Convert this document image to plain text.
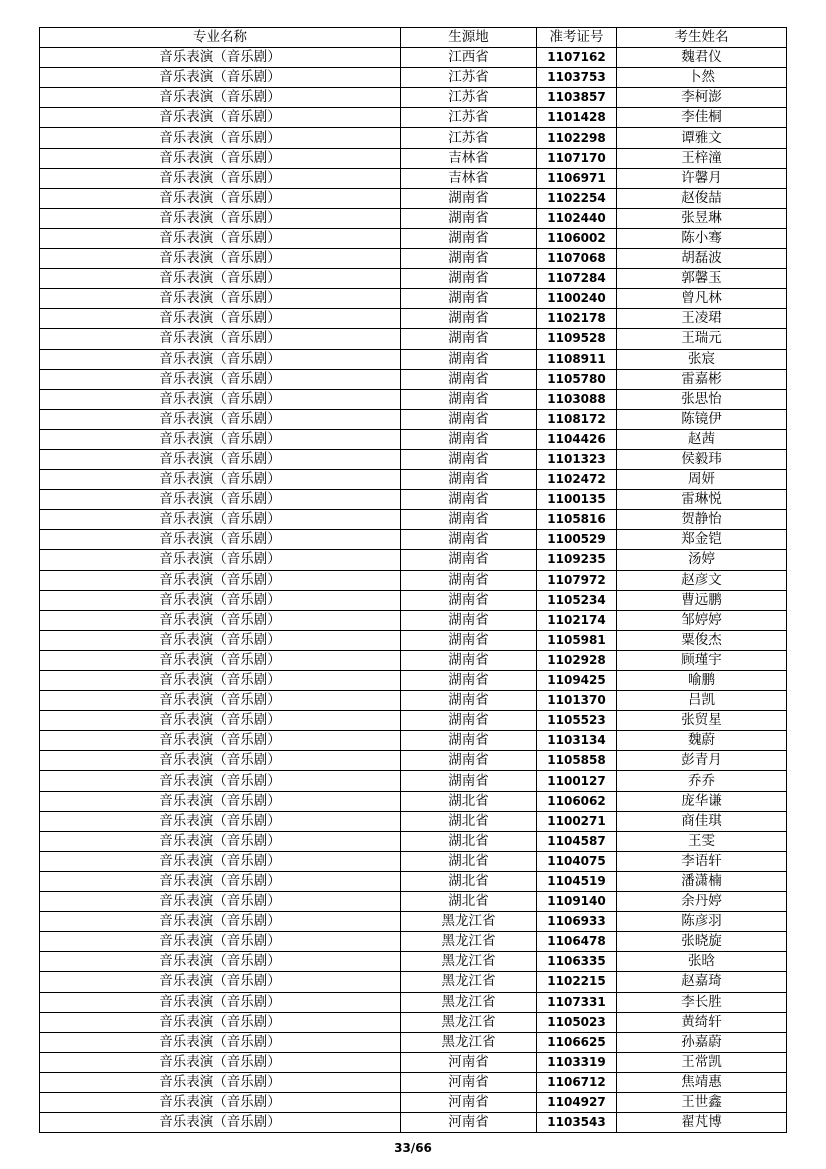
专业名称	生源地	准考证号	考生姓名
音乐表演（音乐剧）	江西省	1107162	魏君仪
音乐表演（音乐剧）	江苏省	1103753	卜然
音乐表演（音乐剧）	江苏省	1103857	李柯澎
音乐表演（音乐剧）	江苏省	1101428	李佳桐
音乐表演（音乐剧）	江苏省	1102298	谭雅文
音乐表演（音乐剧）	吉林省	1107170	王梓潼
音乐表演（音乐剧）	吉林省	1106971	许馨月
音乐表演（音乐剧）	湖南省	1102254	赵俊喆
音乐表演（音乐剧）	湖南省	1102440	张昱琳
音乐表演（音乐剧）	湖南省	1106002	陈小骞
音乐表演（音乐剧）	湖南省	1107068	胡磊波
音乐表演（音乐剧）	湖南省	1107284	郭馨玉
音乐表演（音乐剧）	湖南省	1100240	曾凡林
音乐表演（音乐剧）	湖南省	1102178	王凌珺
音乐表演（音乐剧）	湖南省	1109528	王瑞元
音乐表演（音乐剧）	湖南省	1108911	张宸
音乐表演（音乐剧）	湖南省	1105780	雷嘉彬
音乐表演（音乐剧）	湖南省	1103088	张思怡
音乐表演（音乐剧）	湖南省	1108172	陈镜伊
音乐表演（音乐剧）	湖南省	1104426	赵茜
音乐表演（音乐剧）	湖南省	1101323	侯毅玮
音乐表演（音乐剧）	湖南省	1102472	周妍
音乐表演（音乐剧）	湖南省	1100135	雷琳悦
音乐表演（音乐剧）	湖南省	1105816	贺静怡
音乐表演（音乐剧）	湖南省	1100529	郑金铠
音乐表演（音乐剧）	湖南省	1109235	汤婷
音乐表演（音乐剧）	湖南省	1107972	赵彦文
音乐表演（音乐剧）	湖南省	1105234	曹远鹏
音乐表演（音乐剧）	湖南省	1102174	邹婷婷
音乐表演（音乐剧）	湖南省	1105981	粟俊杰
音乐表演（音乐剧）	湖南省	1102928	顾瑾宇
音乐表演（音乐剧）	湖南省	1109425	喻鹏
音乐表演（音乐剧）	湖南省	1101370	吕凯
音乐表演（音乐剧）	湖南省	1105523	张贸星
音乐表演（音乐剧）	湖南省	1103134	魏蔚
音乐表演（音乐剧）	湖南省	1105858	彭青月
音乐表演（音乐剧）	湖南省	1100127	乔乔
音乐表演（音乐剧）	湖北省	1106062	庞华谦
音乐表演（音乐剧）	湖北省	1100271	商佳琪
音乐表演（音乐剧）	湖北省	1104587	王雯
音乐表演（音乐剧）	湖北省	1104075	李语轩
音乐表演（音乐剧）	湖北省	1104519	潘潇楠
音乐表演（音乐剧）	湖北省	1109140	余丹婷
音乐表演（音乐剧）	黑龙江省	1106933	陈彦羽
音乐表演（音乐剧）	黑龙江省	1106478	张晓旋
音乐表演（音乐剧）	黑龙江省	1106335	张晗
音乐表演（音乐剧）	黑龙江省	1102215	赵嘉琦
音乐表演（音乐剧）	黑龙江省	1107331	李长胜
音乐表演（音乐剧）	黑龙江省	1105023	黄绮轩
音乐表演（音乐剧）	黑龙江省	1106625	孙嘉蔚
音乐表演（音乐剧）	河南省	1103319	王常凯
音乐表演（音乐剧）	河南省	1106712	焦靖惠
音乐表演（音乐剧）	河南省	1104927	王世鑫
音乐表演（音乐剧）	河南省	1103543	翟芃博
33/66
